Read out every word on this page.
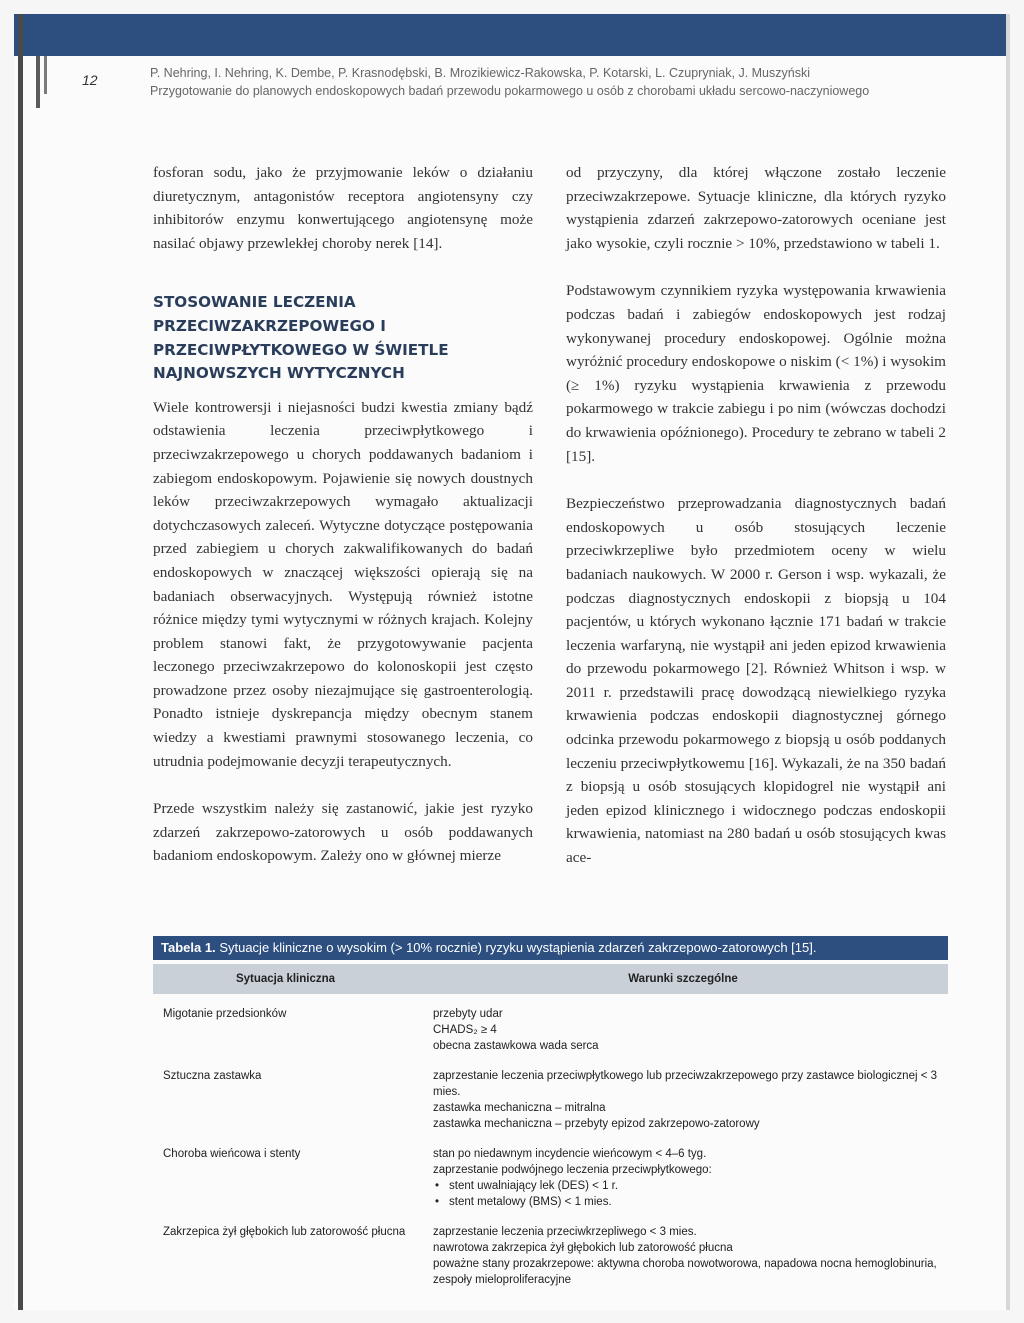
12	P. Nehring, I. Nehring, K. Dembe, P. Krasnodębski, B. Mrozikiewicz-Rakowska, P. Kotarski, L. Czupryniak, J. Muszyński
Przygotowanie do planowych endoskopowych badań przewodu pokarmowego u osób z chorobami układu sercowo-naczyniowego

fosforan sodu, jako że przyjmowanie leków o działaniu diuretycznym, antagonistów receptora angiotensyny czy inhibitorów enzymu konwertującego angiotensynę może nasilać objawy przewlekłej choroby nerek [14].

STOSOWANIE LECZENIA PRZECIWZAKRZEPOWEGO I PRZECIWPŁYTKOWEGO W ŚWIETLE NAJNOWSZYCH WYTYCZNYCH

Wiele kontrowersji i niejasności budzi kwestia zmiany bądź odstawienia leczenia przeciwpłytkowego i przeciwzakrzepowego u chorych poddawanych badaniom i zabiegom endoskopowym. Pojawienie się nowych doustnych leków przeciwzakrzepowych wymagało aktualizacji dotychczasowych zaleceń. Wytyczne dotyczące postępowania przed zabiegiem u chorych zakwalifikowanych do badań endoskopowych w znaczącej większości opierają się na badaniach obserwacyjnych. Występują również istotne różnice między tymi wytycznymi w różnych krajach. Kolejny problem stanowi fakt, że przygotowywanie pacjenta leczonego przeciwzakrzepowo do kolonoskopii jest często prowadzone przez osoby niezajmujące się gastroenterologią. Ponadto istnieje dyskrepancja między obecnym stanem wiedzy a kwestiami prawnymi stosowanego leczenia, co utrudnia podejmowanie decyzji terapeutycznych.

Przede wszystkim należy się zastanowić, jakie jest ryzyko zdarzeń zakrzepowo-zatorowych u osób poddawanych badaniom endoskopowym. Zależy ono w głównej mierze

od przyczyny, dla której włączone zostało leczenie przeciwzakrzepowe. Sytuacje kliniczne, dla których ryzyko wystąpienia zdarzeń zakrzepowo-zatorowych oceniane jest jako wysokie, czyli rocznie > 10%, przedstawiono w tabeli 1.

Podstawowym czynnikiem ryzyka występowania krwawienia podczas badań i zabiegów endoskopowych jest rodzaj wykonywanej procedury endoskopowej. Ogólnie można wyróżnić procedury endoskopowe o niskim (< 1%) i wysokim (≥ 1%) ryzyku wystąpienia krwawienia z przewodu pokarmowego w trakcie zabiegu i po nim (wówczas dochodzi do krwawienia opóźnionego). Procedury te zebrano w tabeli 2 [15].

Bezpieczeństwo przeprowadzania diagnostycznych badań endoskopowych u osób stosujących leczenie przeciwkrzepliwe było przedmiotem oceny w wielu badaniach naukowych. W 2000 r. Gerson i wsp. wykazali, że podczas diagnostycznych endoskopii z biopsją u 104 pacjentów, u których wykonano łącznie 171 badań w trakcie leczenia warfaryną, nie wystąpił ani jeden epizod krwawienia do przewodu pokarmowego [2]. Również Whitson i wsp. w 2011 r. przedstawili pracę dowodzącą niewielkiego ryzyka krwawienia podczas endoskopii diagnostycznej górnego odcinka przewodu pokarmowego z biopsją u osób poddanych leczeniu przeciwpłytkowemu [16]. Wykazali, że na 350 badań z biopsją u osób stosujących klopidogrel nie wystąpił ani jeden epizod klinicznego i widocznego podczas endoskopii krwawienia, natomiast na 280 badań u osób stosujących kwas ace-

Tabela 1. Sytuacje kliniczne o wysokim (> 10% rocznie) ryzyku wystąpienia zdarzeń zakrzepowo-zatorowych [15].
Sytuacja kliniczna	Warunki szczególne
Migotanie przedsionków	przebyty udar
CHADS₂ ≥ 4
obecna zastawkowa wada serca
Sztuczna zastawka	zaprzestanie leczenia przeciwpłytkowego lub przeciwzakrzepowego przy zastawce biologicznej < 3 mies.
zastawka mechaniczna – mitralna
zastawka mechaniczna – przebyty epizod zakrzepowo-zatorowy
Choroba wieńcowa i stenty	stan po niedawnym incydencie wieńcowym < 4–6 tyg.
zaprzestanie podwójnego leczenia przeciwpłytkowego:
• stent uwalniający lek (DES) < 1 r.
• stent metalowy (BMS) < 1 mies.
Zakrzepica żył głębokich lub zatorowość płucna	zaprzestanie leczenia przeciwkrzepliwego < 3 mies.
nawrotowa zakrzepica żył głębokich lub zatorowość płucna
poważne stany prozakrzepowe: aktywna choroba nowotworowa, napadowa nocna hemoglobinuria, zespoły mieloproliferacyjne
